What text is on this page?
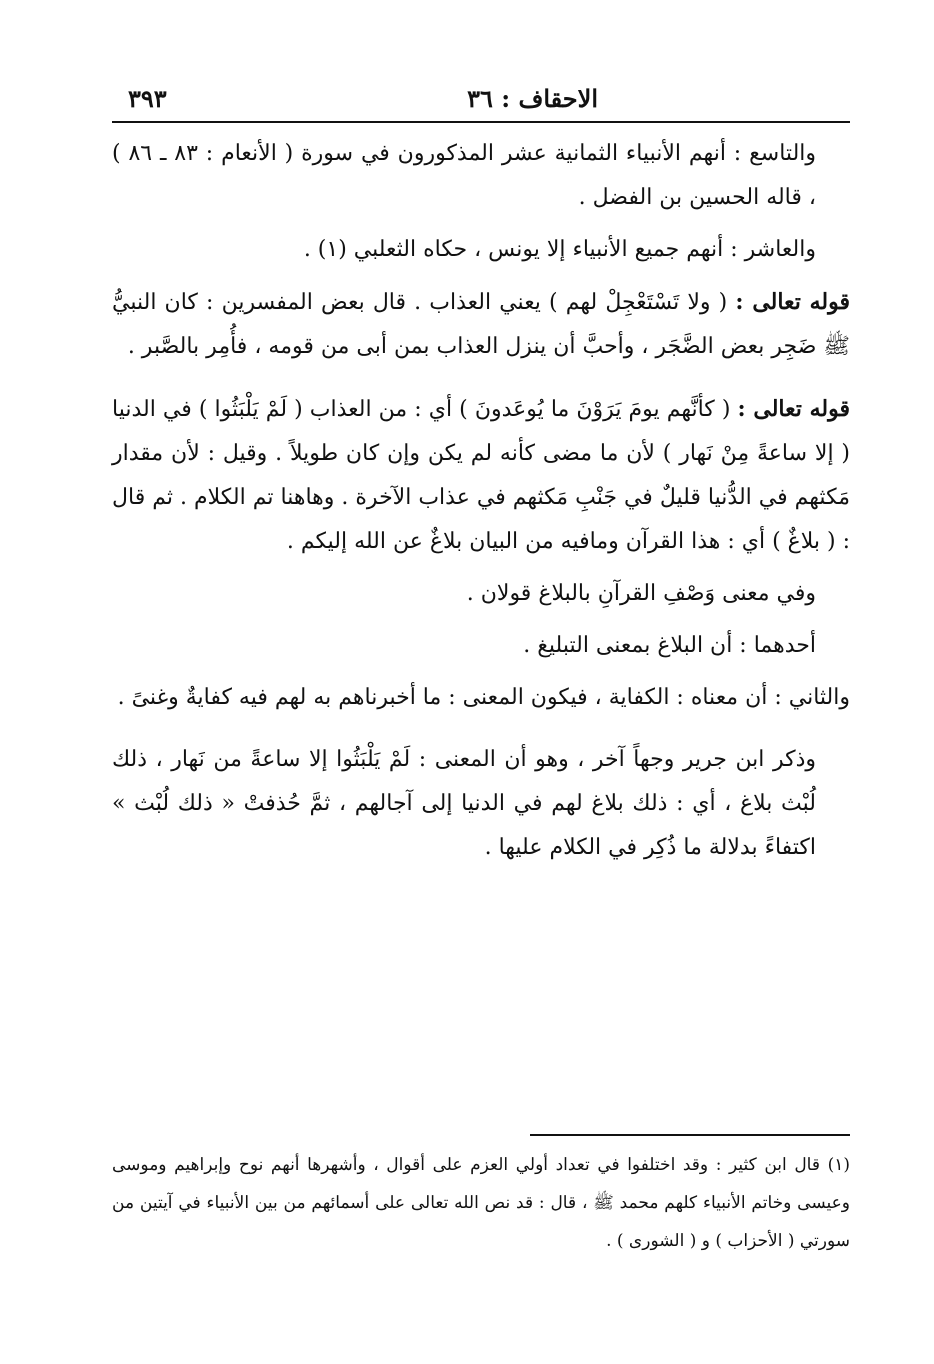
الاحقاف : ٣٦
٣٩٣

والتاسع : أنهم الأنبياء الثمانية عشر المذكورون في سورة ( الأنعام : ٨٣ ـ ٨٦ ) ، قاله الحسين بن الفضل .

والعاشر : أنهم جميع الأنبياء إلا يونس ، حكاه الثعلبي (١) .

قوله تعالى : ( ولا تَسْتَعْجِلْ لهم ) يعني العذاب . قال بعض المفسرين : كان النبيُّ ﷺ ضَجِر بعض الضَّجَر ، وأحبَّ أن ينزل العذاب بمن أبى من قومه ، فأُمِر بالصَّبر .

قوله تعالى : ( كأنَّهم يومَ يَرَوْنَ ما يُوعَدونَ ) أي : من العذاب ( لَمْ يَلْبَثُوا ) في الدنيا ( إلا ساعةً مِنْ نَهار ) لأن ما مضى كأنه لم يكن وإن كان طويلاً . وقيل : لأن مقدار مَكثهم في الدُّنيا قليلٌ في جَنْبِ مَكثهم في عذاب الآخرة . وهاهنا تم الكلام . ثم قال : ( بلاغٌ ) أي : هذا القرآن ومافيه من البيان بلاغٌ عن الله إليكم .

وفي معنى وَصْفِ القرآنِ بالبلاغ قولان .

أحدهما : أن البلاغ بمعنى التبليغ .

والثاني : أن معناه : الكفاية ، فيكون المعنى : ما أخبرناهم به لهم فيه كفايةٌ وغنىً .

وذكر ابن جرير وجهاً آخر ، وهو أن المعنى : لَمْ يَلْبَثُوا إلا ساعةً من نَهار ، ذلك لُبْث بلاغ ، أي : ذلك بلاغ لهم في الدنيا إلى آجالهم ، ثمَّ حُذفتْ « ذلك لُبْث » اكتفاءً بدلالة ما ذُكِر في الكلام عليها .

(١) قال ابن كثير : وقد اختلفوا في تعداد أولي العزم على أقوال ، وأشهرها أنهم نوح وإبراهيم وموسى وعيسى وخاتم الأنبياء كلهم محمد ﷺ ، قال : قد نص الله تعالى على أسمائهم من بين الأنبياء في آيتين من سورتي ( الأحزاب ) و ( الشورى ) .
